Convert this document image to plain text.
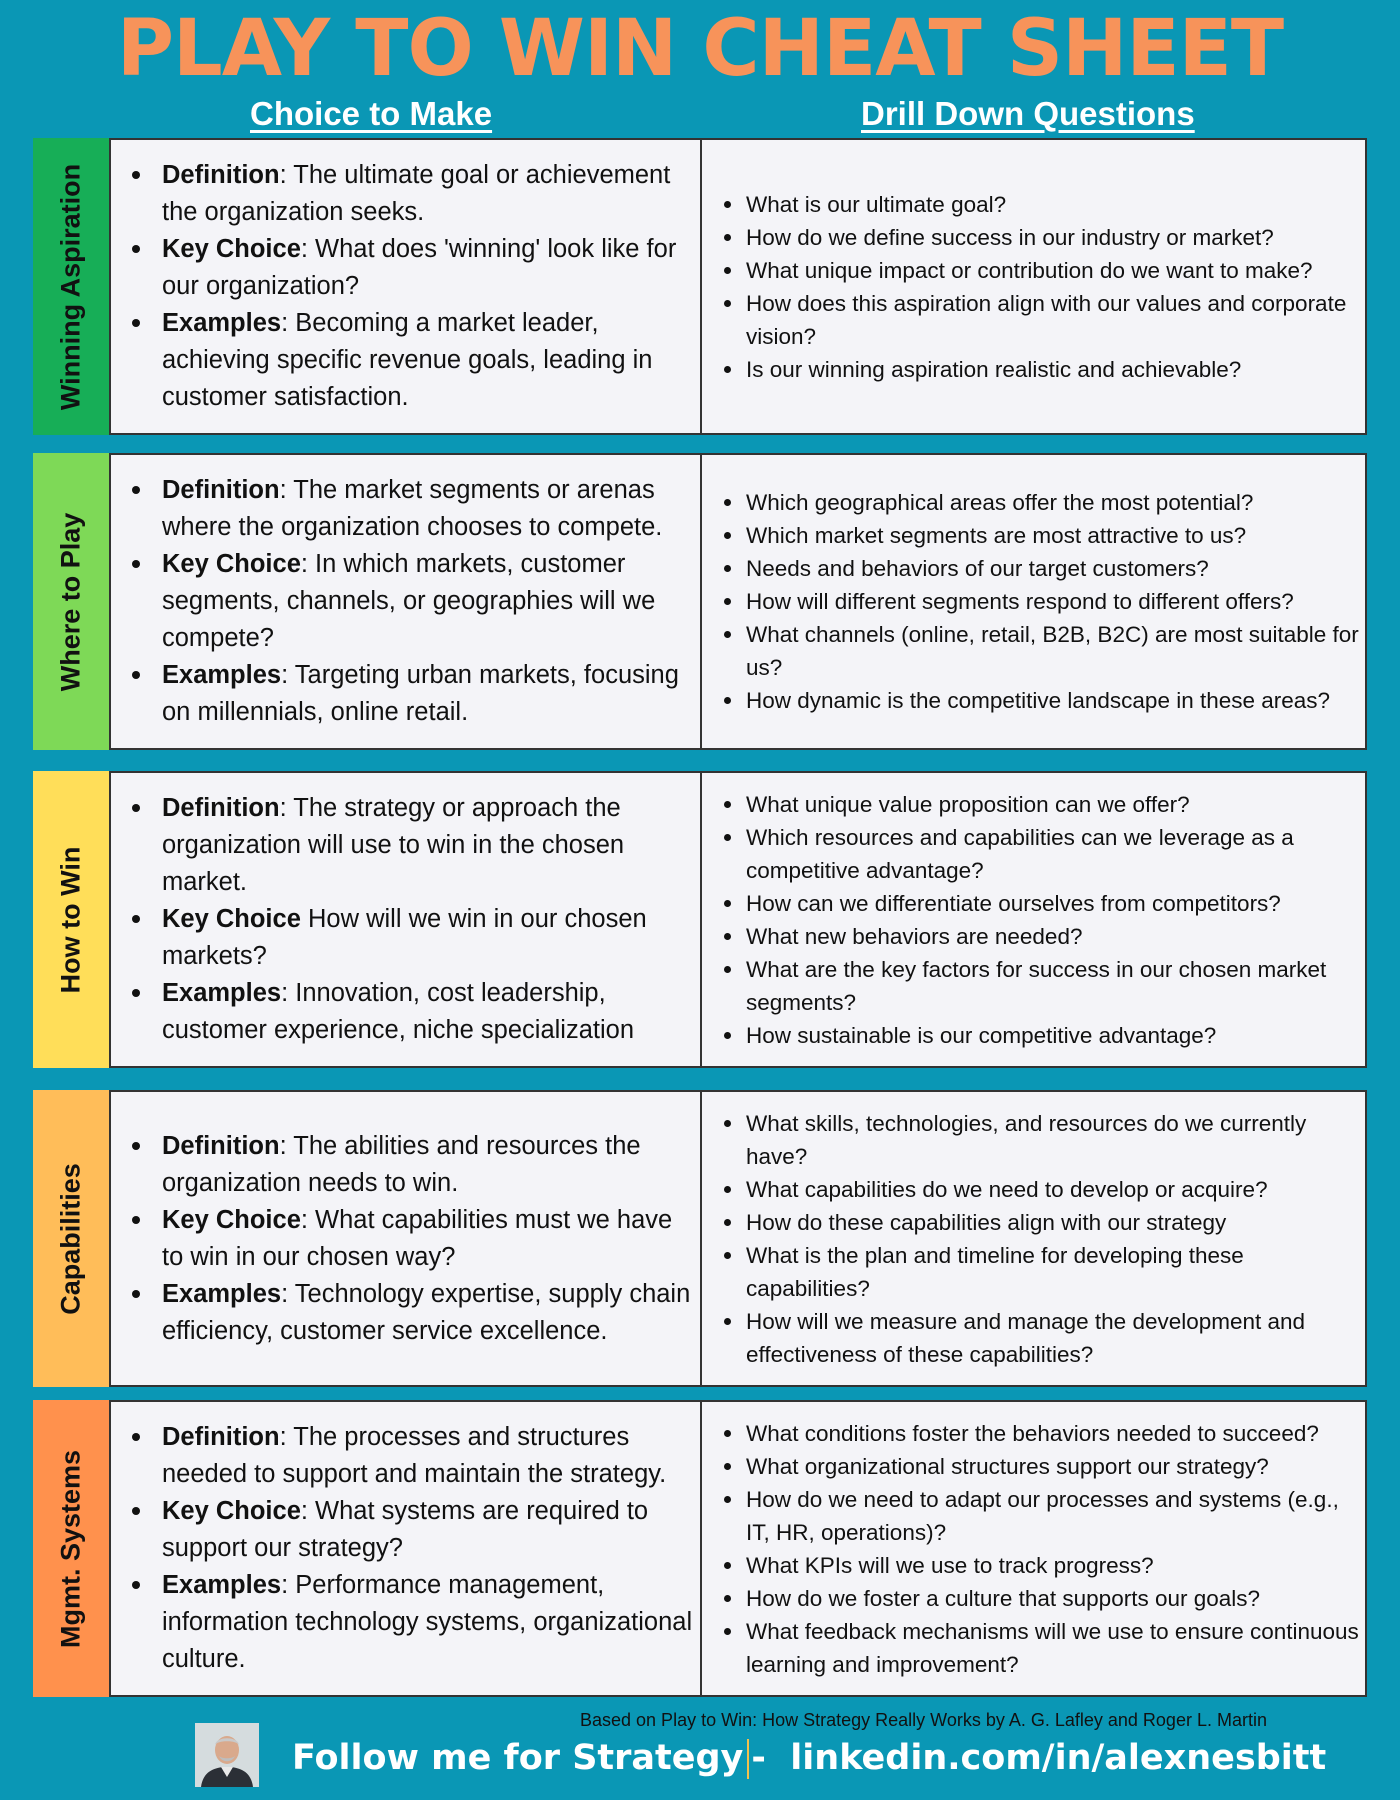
PLAY TO WIN CHEAT SHEET
Choice to Make	Drill Down Questions
Winning Aspiration	Definition: The ultimate goal or achievement the organization seeks.
Key Choice: What does 'winning' look like for our organization?
Examples: Becoming a market leader, achieving specific revenue goals, leading in customer satisfaction.
What is our ultimate goal?
How do we define success in our industry or market?
What unique impact or contribution do we want to make?
How does this aspiration align with our values and corporate vision?
Is our winning aspiration realistic and achievable?
Where to Play
Definition: The market segments or arenas where the organization chooses to compete.
Key Choice: In which markets, customer segments, channels, or geographies will we compete?
Examples: Targeting urban markets, focusing on millennials, online retail.
Which geographical areas offer the most potential?
Which market segments are most attractive to us?
Needs and behaviors of our target customers?
How will different segments respond to different offers?
What channels (online, retail, B2B, B2C) are most suitable for us?
How dynamic is the competitive landscape in these areas?
How to Win
Definition: The strategy or approach the organization will use to win in the chosen market.
Key Choice How will we win in our chosen markets?
Examples: Innovation, cost leadership, customer experience, niche specialization
What unique value proposition can we offer?
Which resources and capabilities can we leverage as a competitive advantage?
How can we differentiate ourselves from competitors?
What new behaviors are needed?
What are the key factors for success in our chosen market segments?
How sustainable is our competitive advantage?
Capabilities
Definition: The abilities and resources the organization needs to win.
Key Choice: What capabilities must we have to win in our chosen way?
Examples: Technology expertise, supply chain efficiency, customer service excellence.
What skills, technologies, and resources do we currently have?
What capabilities do we need to develop or acquire?
How do these capabilities align with our strategy
What is the plan and timeline for developing these capabilities?
How will we measure and manage the development and effectiveness of these capabilities?
Mgmt. Systems
Definition: The processes and structures needed to support and maintain the strategy.
Key Choice: What systems are required to support our strategy?
Examples: Performance management, information technology systems, organizational culture.
What conditions foster the behaviors needed to succeed?
What organizational structures support our strategy?
How do we need to adapt our processes and systems (e.g., IT, HR, operations)?
What KPIs will we use to track progress?
How do we foster a culture that supports our goals?
What feedback mechanisms will we use to ensure continuous learning and improvement?
Based on Play to Win: How Strategy Really Works by A. G. Lafley and Roger L. Martin
Follow me for Strategy - linkedin.com/in/alexnesbitt
